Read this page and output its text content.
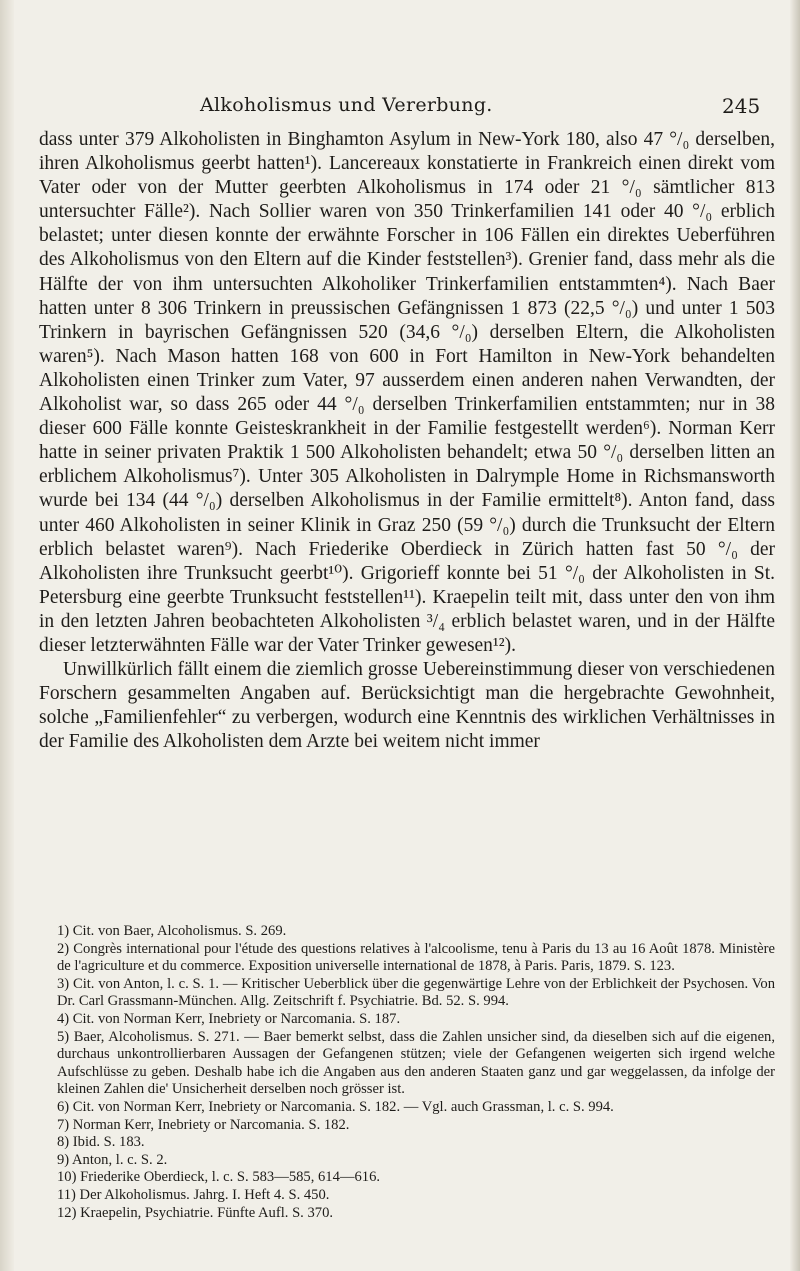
Alkoholismus und Vererbung.	245

dass unter 379 Alkoholisten in Binghamton Asylum in New-York 180, also 47 °/₀ derselben, ihren Alkoholismus geerbt hatten¹). Lancereaux konstatierte in Frankreich einen direkt vom Vater oder von der Mutter geerbten Alkoholismus in 174 oder 21 °/₀ sämtlicher 813 untersuchter Fälle²). Nach Sollier waren von 350 Trinkerfamilien 141 oder 40 °/₀ erblich belastet; unter diesen konnte der erwähnte Forscher in 106 Fällen ein direktes Ueberführen des Alkoholismus von den Eltern auf die Kinder feststellen³). Grenier fand, dass mehr als die Hälfte der von ihm untersuchten Alkoholiker Trinkerfamilien entstammten⁴). Nach Baer hatten unter 8 306 Trinkern in preussischen Gefängnissen 1 873 (22,5 °/₀) und unter 1 503 Trinkern in bayrischen Gefängnissen 520 (34,6 °/₀) derselben Eltern, die Alkoholisten waren⁵). Nach Mason hatten 168 von 600 in Fort Hamilton in New-York behandelten Alkoholisten einen Trinker zum Vater, 97 ausserdem einen anderen nahen Verwandten, der Alkoholist war, so dass 265 oder 44 °/₀ derselben Trinkerfamilien entstammten; nur in 38 dieser 600 Fälle konnte Geisteskrankheit in der Familie festgestellt werden⁶). Norman Kerr hatte in seiner privaten Praktik 1 500 Alkoholisten behandelt; etwa 50 °/₀ derselben litten an erblichem Alkoholismus⁷). Unter 305 Alkoholisten in Dalrymple Home in Richsmansworth wurde bei 134 (44 °/₀) derselben Alkoholismus in der Familie ermittelt⁸). Anton fand, dass unter 460 Alkoholisten in seiner Klinik in Graz 250 (59 °/₀) durch die Trunksucht der Eltern erblich belastet waren⁹). Nach Friederike Oberdieck in Zürich hatten fast 50 °/₀ der Alkoholisten ihre Trunksucht geerbt¹⁰). Grigorieff konnte bei 51 °/₀ der Alkoholisten in St. Petersburg eine geerbte Trunksucht feststellen¹¹). Kraepelin teilt mit, dass unter den von ihm in den letzten Jahren beobachteten Alkoholisten ³/₄ erblich belastet waren, und in der Hälfte dieser letzterwähnten Fälle war der Vater Trinker gewesen¹²).

Unwillkürlich fällt einem die ziemlich grosse Uebereinstimmung dieser von verschiedenen Forschern gesammelten Angaben auf. Berücksichtigt man die hergebrachte Gewohnheit, solche „Familienfehler“ zu verbergen, wodurch eine Kenntnis des wirklichen Verhältnisses in der Familie des Alkoholisten dem Arzte bei weitem nicht immer

1) Cit. von Baer, Alcoholismus. S. 269.

2) Congrès international pour l'étude des questions relatives à l'alcoolisme, tenu à Paris du 13 au 16 Août 1878. Ministère de l'agriculture et du commerce. Exposition universelle international de 1878, à Paris. Paris, 1879. S. 123.

3) Cit. von Anton, l. c. S. 1. — Kritischer Ueberblick über die gegenwärtige Lehre von der Erblichkeit der Psychosen. Von Dr. Carl Grassmann-München. Allg. Zeitschrift f. Psychiatrie. Bd. 52. S. 994.

4) Cit. von Norman Kerr, Inebriety or Narcomania. S. 187.

5) Baer, Alcoholismus. S. 271. — Baer bemerkt selbst, dass die Zahlen unsicher sind, da dieselben sich auf die eigenen, durchaus unkontrollierbaren Aussagen der Gefangenen stützen; viele der Gefangenen weigerten sich irgend welche Aufschlüsse zu geben. Deshalb habe ich die Angaben aus den anderen Staaten ganz und gar weggelassen, da infolge der kleinen Zahlen die' Unsicherheit derselben noch grösser ist.

6) Cit. von Norman Kerr, Inebriety or Narcomania. S. 182. — Vgl. auch Grassman, l. c. S. 994.

7) Norman Kerr, Inebriety or Narcomania. S. 182.

8) Ibid. S. 183.

9) Anton, l. c. S. 2.

10) Friederike Oberdieck, l. c. S. 583—585, 614—616.

11) Der Alkoholismus. Jahrg. I. Heft 4. S. 450.

12) Kraepelin, Psychiatrie. Fünfte Aufl. S. 370.
